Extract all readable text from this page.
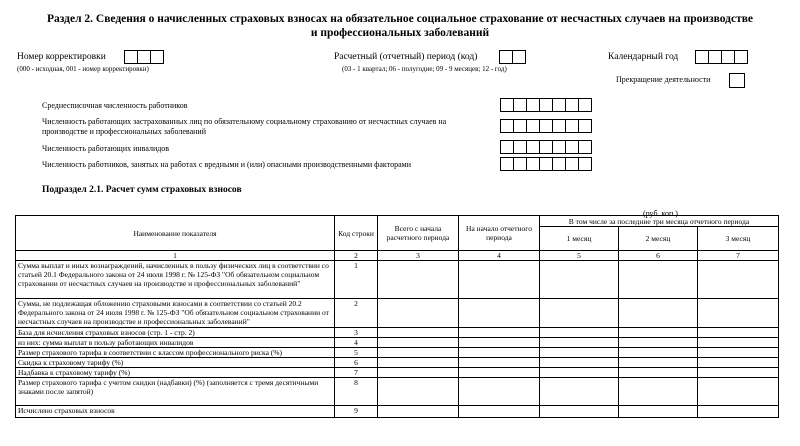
Раздел 2. Сведения о начисленных страховых взносах на обязательное социальное страхование от несчастных случаев на производстве
и профессиональных заболеваний
Номер корректировки
(000 - исходная, 001 - номер корректировки)
Расчетный (отчетный) период (код)
(03 - 1 квартал; 06 - полугодие; 09 - 9 месяцев; 12 - год)
Календарный год
Прекращение деятельности
Среднесписочная численность работников
Численность работающих застрахованных лиц по обязательному социальному страхованию от несчастных случаев на производстве и профессиональных заболеваний
Численность работающих инвалидов
Численность работников, занятых на работах с вредными и (или) опасными производственными факторами
Подраздел 2.1. Расчет сумм страховых взносов
(руб. коп.)
Наименование показателя	Код строки	Всего с начала расчетного периода	На начало отчетного периода	В том числе за последние три месяца отчетного периода		
				1 месяц	2 месяц	3 месяц
1	2	3	4	5	6	7
Сумма выплат и иных вознаграждений, начисленных в пользу физических лиц в соответствии со статьей 20.1 Федерального закона от 24 июля 1998 г. № 125-ФЗ "Об обязательном социальном страховании от несчастных случаев на производстве и профессиональных заболеваний"	1					
Сумма, не подлежащая обложению страховыми взносами в соответствии со статьей 20.2 Федерального закона от 24 июля 1998 г. № 125-ФЗ "Об обязательном социальном страховании от несчастных случаев на производстве и профессиональных заболеваний"	2					
База для исчисления страховых взносов (стр. 1 - стр. 2)	3					
из них: сумма выплат в пользу работающих инвалидов	4					
Размер страхового тарифа в соответствии с классом профессионального риска (%)	5					
Скидка к страховому тарифу (%)	6					
Надбавка к страховому тарифу (%)	7					
Размер страхового тарифа с учетом скидки (надбавки) (%) (заполняется с тремя десятичными знаками после запятой)	8					
Исчислено страховых взносов	9					
